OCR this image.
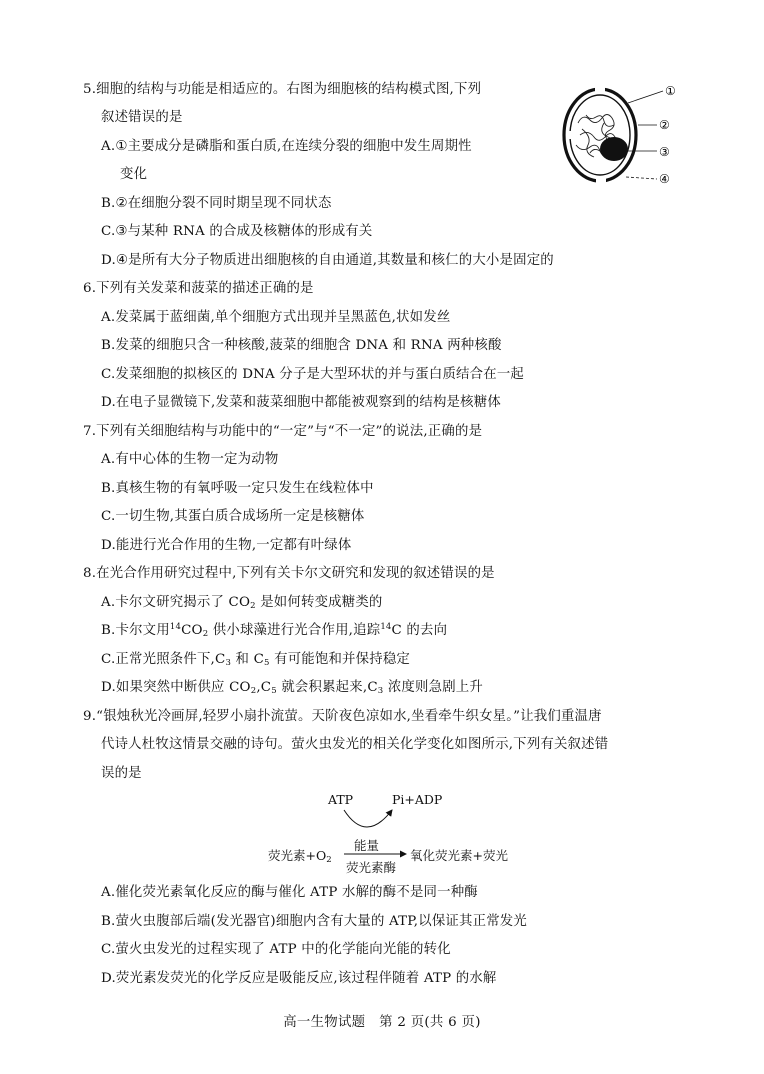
5.细胞的结构与功能是相适应的。右图为细胞核的结构模式图,下列
叙述错误的是
A.①主要成分是磷脂和蛋白质,在连续分裂的细胞中发生周期性
变化
B.②在细胞分裂不同时期呈现不同状态
C.③与某种 RNA 的合成及核糖体的形成有关
D.④是所有大分子物质进出细胞核的自由通道,其数量和核仁的大小是固定的
①
②
③
④
6.下列有关发菜和菠菜的描述正确的是
A.发菜属于蓝细菌,单个细胞方式出现并呈黑蓝色,状如发丝
B.发菜的细胞只含一种核酸,菠菜的细胞含 DNA 和 RNA 两种核酸
C.发菜细胞的拟核区的 DNA 分子是大型环状的并与蛋白质结合在一起
D.在电子显微镜下,发菜和菠菜细胞中都能被观察到的结构是核糖体
7.下列有关细胞结构与功能中的“一定”与“不一定”的说法,正确的是
A.有中心体的生物一定为动物
B.真核生物的有氧呼吸一定只发生在线粒体中
C.一切生物,其蛋白质合成场所一定是核糖体
D.能进行光合作用的生物,一定都有叶绿体
8.在光合作用研究过程中,下列有关卡尔文研究和发现的叙述错误的是
A.卡尔文研究揭示了 $CO_2$ 是如何转变成糖类的
B.卡尔文用$^{14}CO_2$ 供小球藻进行光合作用,追踪$^{14}$C 的去向
C.正常光照条件下$,C_3$ 和 $C_5$ 有可能饱和并保持稳定
D.如果突然中断供应 $CO_2,C_5$ 就会积累起来$,C_3$ 浓度则急剧上升
9.“银烛秋光冷画屏,轻罗小扇扑流萤。天阶夜色凉如水,坐看牵牛织女星。”让我们重温唐
代诗人杜牧这情景交融的诗句。萤火虫发光的相关化学变化如图所示,下列有关叙述错
误的是
ATP	Pi+ADP
能量
荧光素$+O_2$ 荧光素酶
氧化荧光素+荧光
A.催化荧光素氧化反应的酶与催化 ATP 水解的酶不是同一种酶
B.萤火虫腹部后端(发光器官)细胞内含有大量的 ATP,以保证其正常发光
C.萤火虫发光的过程实现了 ATP 中的化学能向光能的转化
D.荧光素发荧光的化学反应是吸能反应,该过程伴随着 ATP 的水解
高一生物试题　第 2 页(共 6 页)
